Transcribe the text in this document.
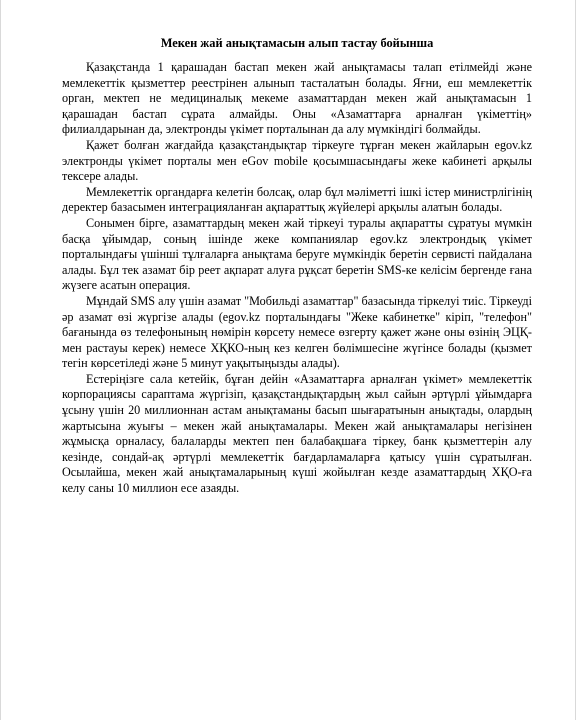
Мекен жай анықтамасын алып тастау бойынша

Қазақстанда 1 қарашадан бастап мекен жай анықтамасы талап етілмейді және мемлекеттік қызметтер реестрінен алынып тасталатын болады. Яғни, еш мемлекеттік орган, мектеп не медициналық мекеме азаматтардан мекен жай анықтамасын 1 қарашадан бастап сұрата алмайды. Оны «Азаматтарға арналған үкіметтің» филиалдарынан да, электронды үкімет порталынан да алу мүмкіндігі болмайды.

Қажет болған жағдайда қазақстандықтар тіркеуге тұрған мекен жайларын egov.kz электронды үкімет порталы мен eGov mobile қосымшасындағы жеке кабинеті арқылы тексере алады.

Мемлекеттік органдарға келетін болсақ, олар бұл мәліметті ішкі істер министрлігінің деректер базасымен интеграцияланған ақпараттық жүйелері арқылы алатын болады.

Сонымен бірге, азаматтардың мекен жай тіркеуі туралы ақпаратты сұратуы мүмкін басқа ұйымдар, соның ішінде жеке компаниялар egov.kz электрондық үкімет порталындағы үшінші тұлғаларға анықтама беруге мүмкіндік беретін сервисті пайдалана алады. Бұл тек азамат бір реет ақпарат алуға рұқсат беретін SMS-ке келісім бергенде ғана жүзеге асатын операция.

Мұндай SMS алу үшін азамат "Мобильді азаматтар" базасында тіркелуі тиіс. Тіркеуді әр азамат өзі жүргізе алады (egov.kz порталындағы "Жеке кабинетке" кіріп, "телефон" бағанында өз телефонының нөмірін көрсету немесе өзгерту қажет және оны өзінің ЭЦҚ-мен растауы керек) немесе ХҚКО-ның кез келген бөлімшесіне жүгінсе болады (қызмет тегін көрсетіледі және 5 минут уақытыңызды алады).

Естеріңізге сала кетейік, бұған дейін «Азаматтарға арналған үкімет» мемлекеттік корпорациясы сараптама жүргізіп, қазақстандықтардың жыл сайын әртүрлі ұйымдарға ұсыну үшін 20 миллионнан астам анықтаманы басып шығаратынын анықтады, олардың жартысына жуығы – мекен жай анықтамалары. Мекен жай анықтамалары негізінен жұмысқа орналасу, балаларды мектеп пен балабақшаға тіркеу, банк қызметтерін алу кезінде, сондай-ақ әртүрлі мемлекеттік бағдарламаларға қатысу үшін сұратылған. Осылайша, мекен жай анықтамаларының күші жойылған кезде азаматтардың ХҚО-ға келу саны 10 миллион есе азаяды.
